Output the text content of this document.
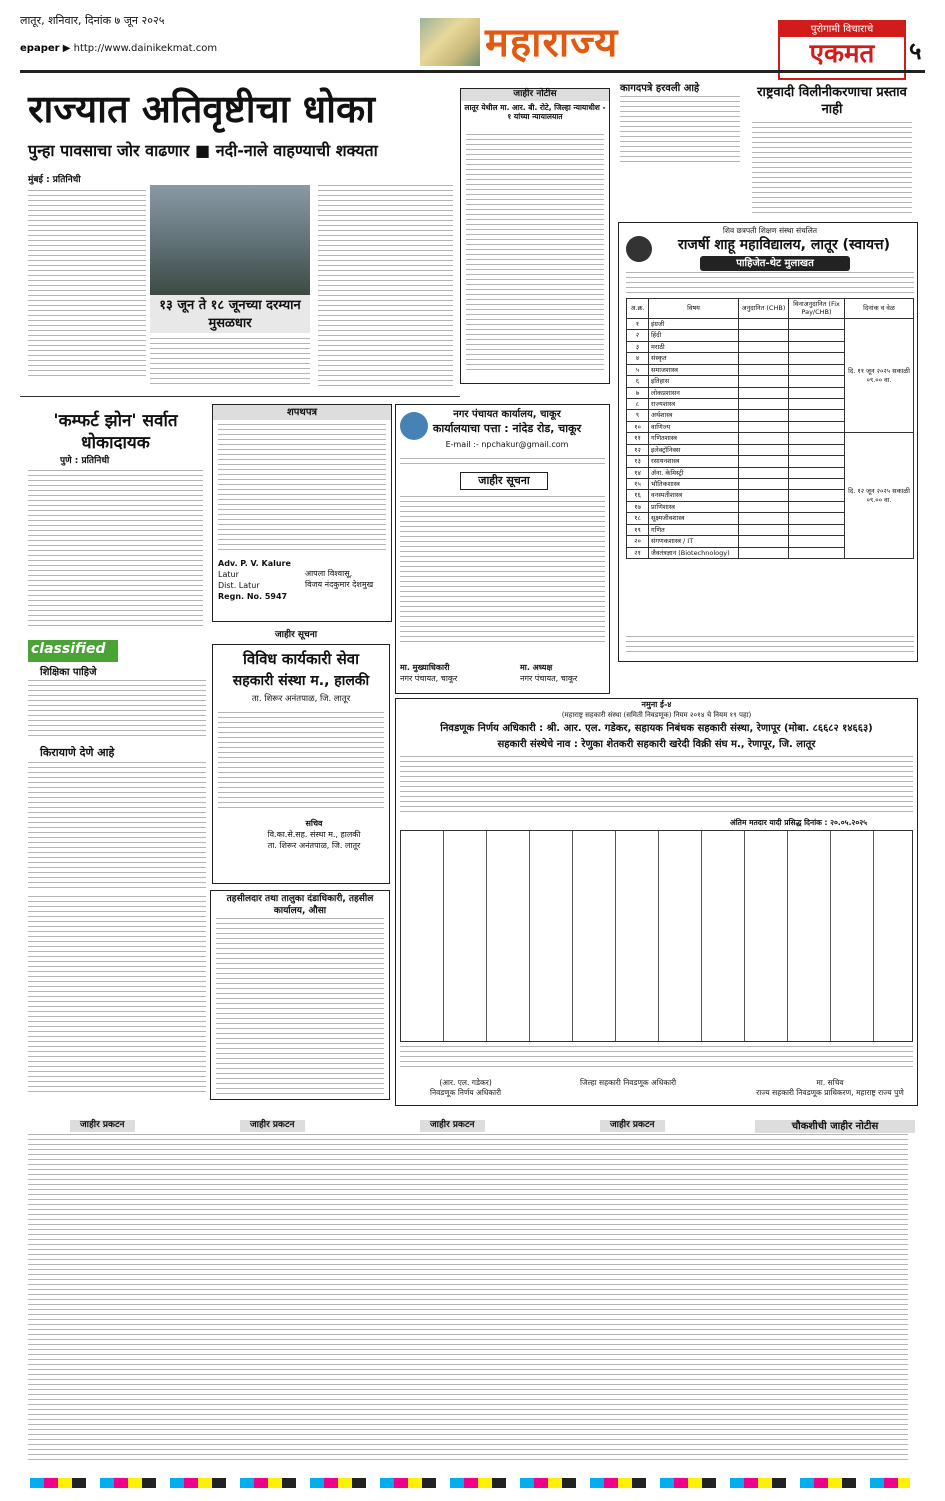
लातूर, शनिवार, दिनांक ७ जून २०२५
epaper ▶ http://www.dainikekmat.com	महाराज्य	पुरोगामी विचाराचे
एकमत	५
राज्यात अतिवृष्टीचा धोका
पुन्हा पावसाचा जोर वाढणार ■ नदी-नाले वाहण्याची शक्यता
मुंबई : प्रतिनिधी
१३ जून ते १८ जूनच्या दरम्यान मुसळधार
'कम्फर्ट झोन' सर्वात धोकादायक
पुणे : प्रतिनिधी
शपथपत्र
Adv. P. V. Kalure
Latur
Dist. Latur
Regn. No. 5947
आपला विश्वासू,
विजय नंदकुमार देशमुख
classified
शिक्षिका पाहिजे
किरायाणे देणे आहे
जाहीर सूचना
विविध कार्यकारी सेवा
सहकारी संस्था म., हालकी
ता. शिरूर अनंतपाळ, जि. लातूर
सचिव
वि.का.से.सह. संस्था म., हालकी
ता. शिरूर अनंतपाळ, जि. लातूर
जाहीर नोटीस
लातूर येथील मा. आर. बी. रोटे, जिल्हा न्यायाधीश - १ यांच्या न्यायालयात
कागदपत्रे हरवली आहे	राष्ट्रवादी विलीनीकरणाचा प्रस्ताव नाही
शिव छत्रपती शिक्षण संस्था संचलित
राजर्षी शाहू महाविद्यालय, लातूर (स्वायत्त)
पाहिजेत-थेट मुलाखत
अ.क्र.	विषय	अनुदानित (CHB)	विनाअनुदानित (Fix Pay/CHB)	दिनांक व वेळ
१	इंग्रजी			दि. ११ जून २०२५ सकाळी ०९.०० वा.
२	हिंदी			
३	मराठी			
४	संस्कृत			
५	समाजशास्त्र			
६	इतिहास			
७	लोकप्रशासन			
८	राज्यशास्त्र			
९	अर्थशास्त्र			
१०	वाणिज्य			
११	गणितशास्त्र			दि. १२ जून २०२५ सकाळी ०९.०० वा.
१२	इलेक्ट्रॉनिक्स			
१३	रसायनशास्त्र			
१४	ॲना. केमिस्ट्री			
१५	भौतिकशास्त्र			
१६	वनस्पतीशास्त्र			
१७	प्राणिशास्त्र			
१८	सूक्ष्मजीवशास्त्र			
१९	गणित			
२०	संगणकशास्त्र / IT			
२१	जैवतंत्रज्ञान (Biotechnology)			
नगर पंचायत कार्यालय, चाकूर
कार्यालयाचा पत्ता : नांदेड रोड, चाकूर
E-mail :- npchakur@gmail.com
जाहीर सूचना
मा. मुख्याधिकारी
नगर पंचायत, चाकूर
मा. अध्यक्ष
नगर पंचायत, चाकूर
नमुना ई-४
(महाराष्ट्र सहकारी संस्था (समिती निवडणूक) नियम २०१४ चे नियम १९ पहा)
निवडणूक निर्णय अधिकारी : श्री. आर. एल. गडेकर, सहायक निबंधक सहकारी संस्था, रेणापूर (मोबा. ८६६८२ १४६६३)
सहकारी संस्थेचे नाव : रेणुका शेतकरी सहकारी खरेदी विक्री संघ म., रेणापूर, जि. लातूर
अंतिम मतदार यादी प्रसिद्ध दिनांक : २०.०५.२०२५
(आर. एल. गडेकर)
निवडणूक निर्णय अधिकारी
जिल्हा सहकारी निवडणूक अधिकारी	मा. सचिव
राज्य सहकारी निवडणूक प्राधिकरण, महाराष्ट्र राज्य पुणे
तहसीलदार तथा तालुका दंडाधिकारी, तहसील कार्यालय, औसा
चौकशीची जाहीर नोटीस
जाहीर प्रकटन	जाहीर प्रकटन	जाहीर प्रकटन	जाहीर प्रकटन
